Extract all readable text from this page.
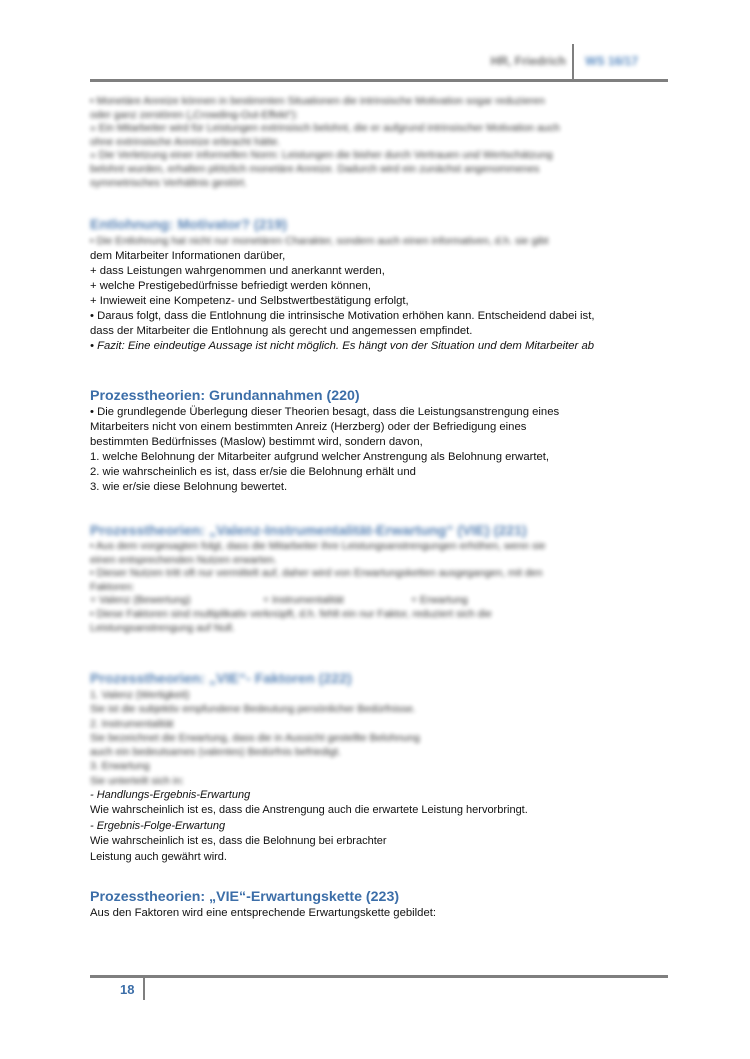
HR, Friedrich WS 16/17

• Monetäre Anreize können in bestimmten Situationen die intrinsische Motivation sogar reduzieren

oder ganz zerstören („Crowding-Out-Effekt“):

» Ein Mitarbeiter wird für Leistungen extrinsisch belohnt, die er aufgrund intrinsischer Motivation auch

ohne extrinsische Anreize erbracht hätte.

» Die Verletzung einer informellen Norm: Leistungen die bisher durch Vertrauen und Wertschätzung

belohnt wurden, erhalten plötzlich monetäre Anreize. Dadurch wird ein zunächst angenommenes

symmetrisches Verhältnis gestört.

Entlohnung: Motivator? (219)

• Die Entlohnung hat nicht nur monetären Charakter, sondern auch einen informativen, d.h. sie gibt

dem Mitarbeiter Informationen darüber,

+ dass Leistungen wahrgenommen und anerkannt werden,

+ welche Prestigebedürfnisse befriedigt werden können,

+ Inwieweit eine Kompetenz- und Selbstwertbestätigung erfolgt,

• Daraus folgt, dass die Entlohnung die intrinsische Motivation erhöhen kann. Entscheidend dabei ist,

dass der Mitarbeiter die Entlohnung als gerecht und angemessen empfindet.

• Fazit: Eine eindeutige Aussage ist nicht möglich. Es hängt von der Situation und dem Mitarbeiter ab

Prozesstheorien: Grundannahmen (220)

• Die grundlegende Überlegung dieser Theorien besagt, dass die Leistungsanstrengung eines

Mitarbeiters nicht von einem bestimmten Anreiz (Herzberg) oder der Befriedigung eines

bestimmten Bedürfnisses (Maslow) bestimmt wird, sondern davon,

1. welche Belohnung der Mitarbeiter aufgrund welcher Anstrengung als Belohnung erwartet,

2. wie wahrscheinlich es ist, dass er/sie die Belohnung erhält und

3. wie er/sie diese Belohnung bewertet.

Prozesstheorien: „Valenz-Instrumentalität-Erwartung“ (VIE) (221)

• Aus dem vorgesagten folgt, dass die Mitarbeiter ihre Leistungsanstrengungen erhöhen, wenn sie

einen entsprechenden Nutzen erwarten.

• Dieser Nutzen tritt oft nur vermittelt auf, daher wird von Erwartungsketten ausgegangen, mit den

Faktoren:

+ Valenz (Bewertung)	+ Instrumentalität	+ Erwartung

• Diese Faktoren sind multiplikativ verknüpft, d.h. fehlt ein nur Faktor, reduziert sich die

Leistungsanstrengung auf Null.

Prozesstheorien: „VIE“- Faktoren (222)

1. Valenz (Wertigkeit)

Sie ist die subjektiv empfundene Bedeutung persönlicher Bedürfnisse.

2. Instrumentalität

Sie bezeichnet die Erwartung, dass die in Aussicht gestellte Belohnung

auch ein bedeutsames (valentes) Bedürfnis befriedigt.

3. Erwartung

Sie unterteilt sich in:

- Handlungs-Ergebnis-Erwartung

Wie wahrscheinlich ist es, dass die Anstrengung auch die erwartete Leistung hervorbringt.

- Ergebnis-Folge-Erwartung

Wie wahrscheinlich ist es, dass die Belohnung bei erbrachter

Leistung auch gewährt wird.

Prozesstheorien: „VIE“-Erwartungskette (223)

Aus den Faktoren wird eine entsprechende Erwartungskette gebildet:

18
